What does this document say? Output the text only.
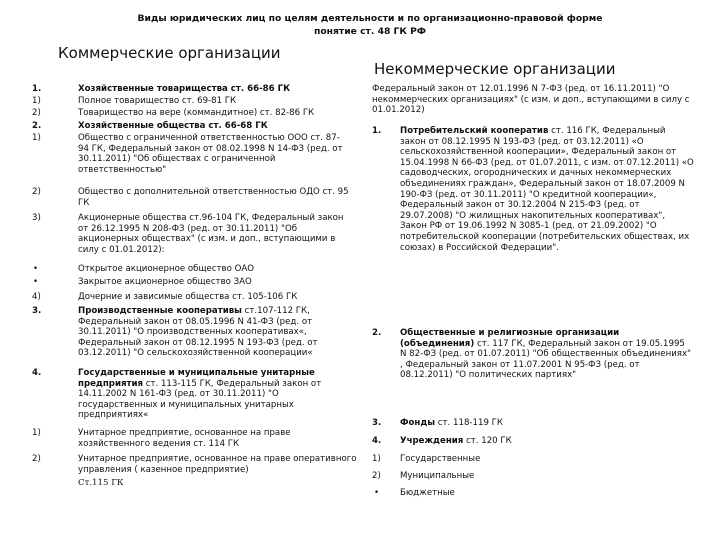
Виды юридических лиц по целям деятельности и по организационно-правовой форме
понятие ст. 48 ГК РФ
Коммерческие организации
1.	Хозяйственные товарищества ст. 66-86 ГК
1)	Полное товарищество ст. 69-81 ГК
2)	Товарищество на вере (коммандитное) ст. 82-86 ГК
2.	Хозяйственные общества ст. 66-68 ГК
1)	Общество с ограниченной ответственностью ООО ст. 87-94 ГК, Федеральный закон от 08.02.1998 N 14-ФЗ (ред. от 30.11.2011) "Об обществах с ограниченной ответственностью"
2)	Общество с дополнительной ответственностью ОДО ст. 95 ГК
3)	Акционерные общества ст.96-104 ГК, Федеральный закон от 26.12.1995 N 208-ФЗ (ред. от 30.11.2011) "Об акционерных обществах" (с изм. и доп., вступающими в силу с 01.01.2012):
•	Открытое акционерное общество ОАО
•	Закрытое акционерное общество ЗАО
4)	Дочерние и зависимые общества ст. 105-106 ГК
3.	Производственные кооперативы ст.107-112 ГК, Федеральный закон от 08.05.1996 N 41-ФЗ (ред. от 30.11.2011) "О производственных кооперативах«, Федеральный закон от 08.12.1995 N 193-ФЗ (ред. от 03.12.2011) "О сельскохозяйственной кооперации«
4.	Государственные и муниципальные унитарные предприятия ст. 113-115 ГК, Федеральный закон от 14.11.2002 N 161-ФЗ (ред. от 30.11.2011) "О государственных и муниципальных унитарных предприятиях«
1)	Унитарное предприятие, основанное на праве хозяйственного ведения ст. 114 ГК
2)	Унитарное предприятие, основанное на праве оперативного управления ( казенное предприятие)
Ст.115 ГК
Некоммерческие организации
Федеральный закон от 12.01.1996 N 7-ФЗ (ред. от 16.11.2011) "О некоммерческих организациях" (с изм. и доп., вступающими в силу с 01.01.2012)
1. Потребительский кооператив ст. 116 ГК, Федеральный закон от 08.12.1995 N 193-ФЗ (ред. от 03.12.2011) «О сельскохозяйственной кооперации», Федеральный закон от 15.04.1998 N 66-ФЗ (ред. от 01.07.2011, с изм. от 07.12.2011) «О садоводческих, огороднических и дачных некоммерческих объединениях граждан», Федеральный закон от 18.07.2009 N 190-ФЗ (ред. от 30.11.2011) "О кредитной кооперации«, Федеральный закон от 30.12.2004 N 215-ФЗ (ред. от 29.07.2008) "О жилищных накопительных кооперативах", Закон РФ от 19.06.1992 N 3085-1 (ред. от 21.09.2002) "О потребительской кооперации (потребительских обществах, их союзах) в Российской Федерации".
2. Общественные и религиозные организации (объединения) ст. 117 ГК, Федеральный закон от 19.05.1995 N 82-ФЗ (ред. от 01.07.2011) "Об общественных объединениях" , Федеральный закон от 11.07.2001 N 95-ФЗ (ред. от 08.12.2011) "О политических партиях"
3. Фонды ст. 118-119 ГК
4. Учреждения ст. 120 ГК
1) Государственные
2) Муниципальные
• Бюджетные
